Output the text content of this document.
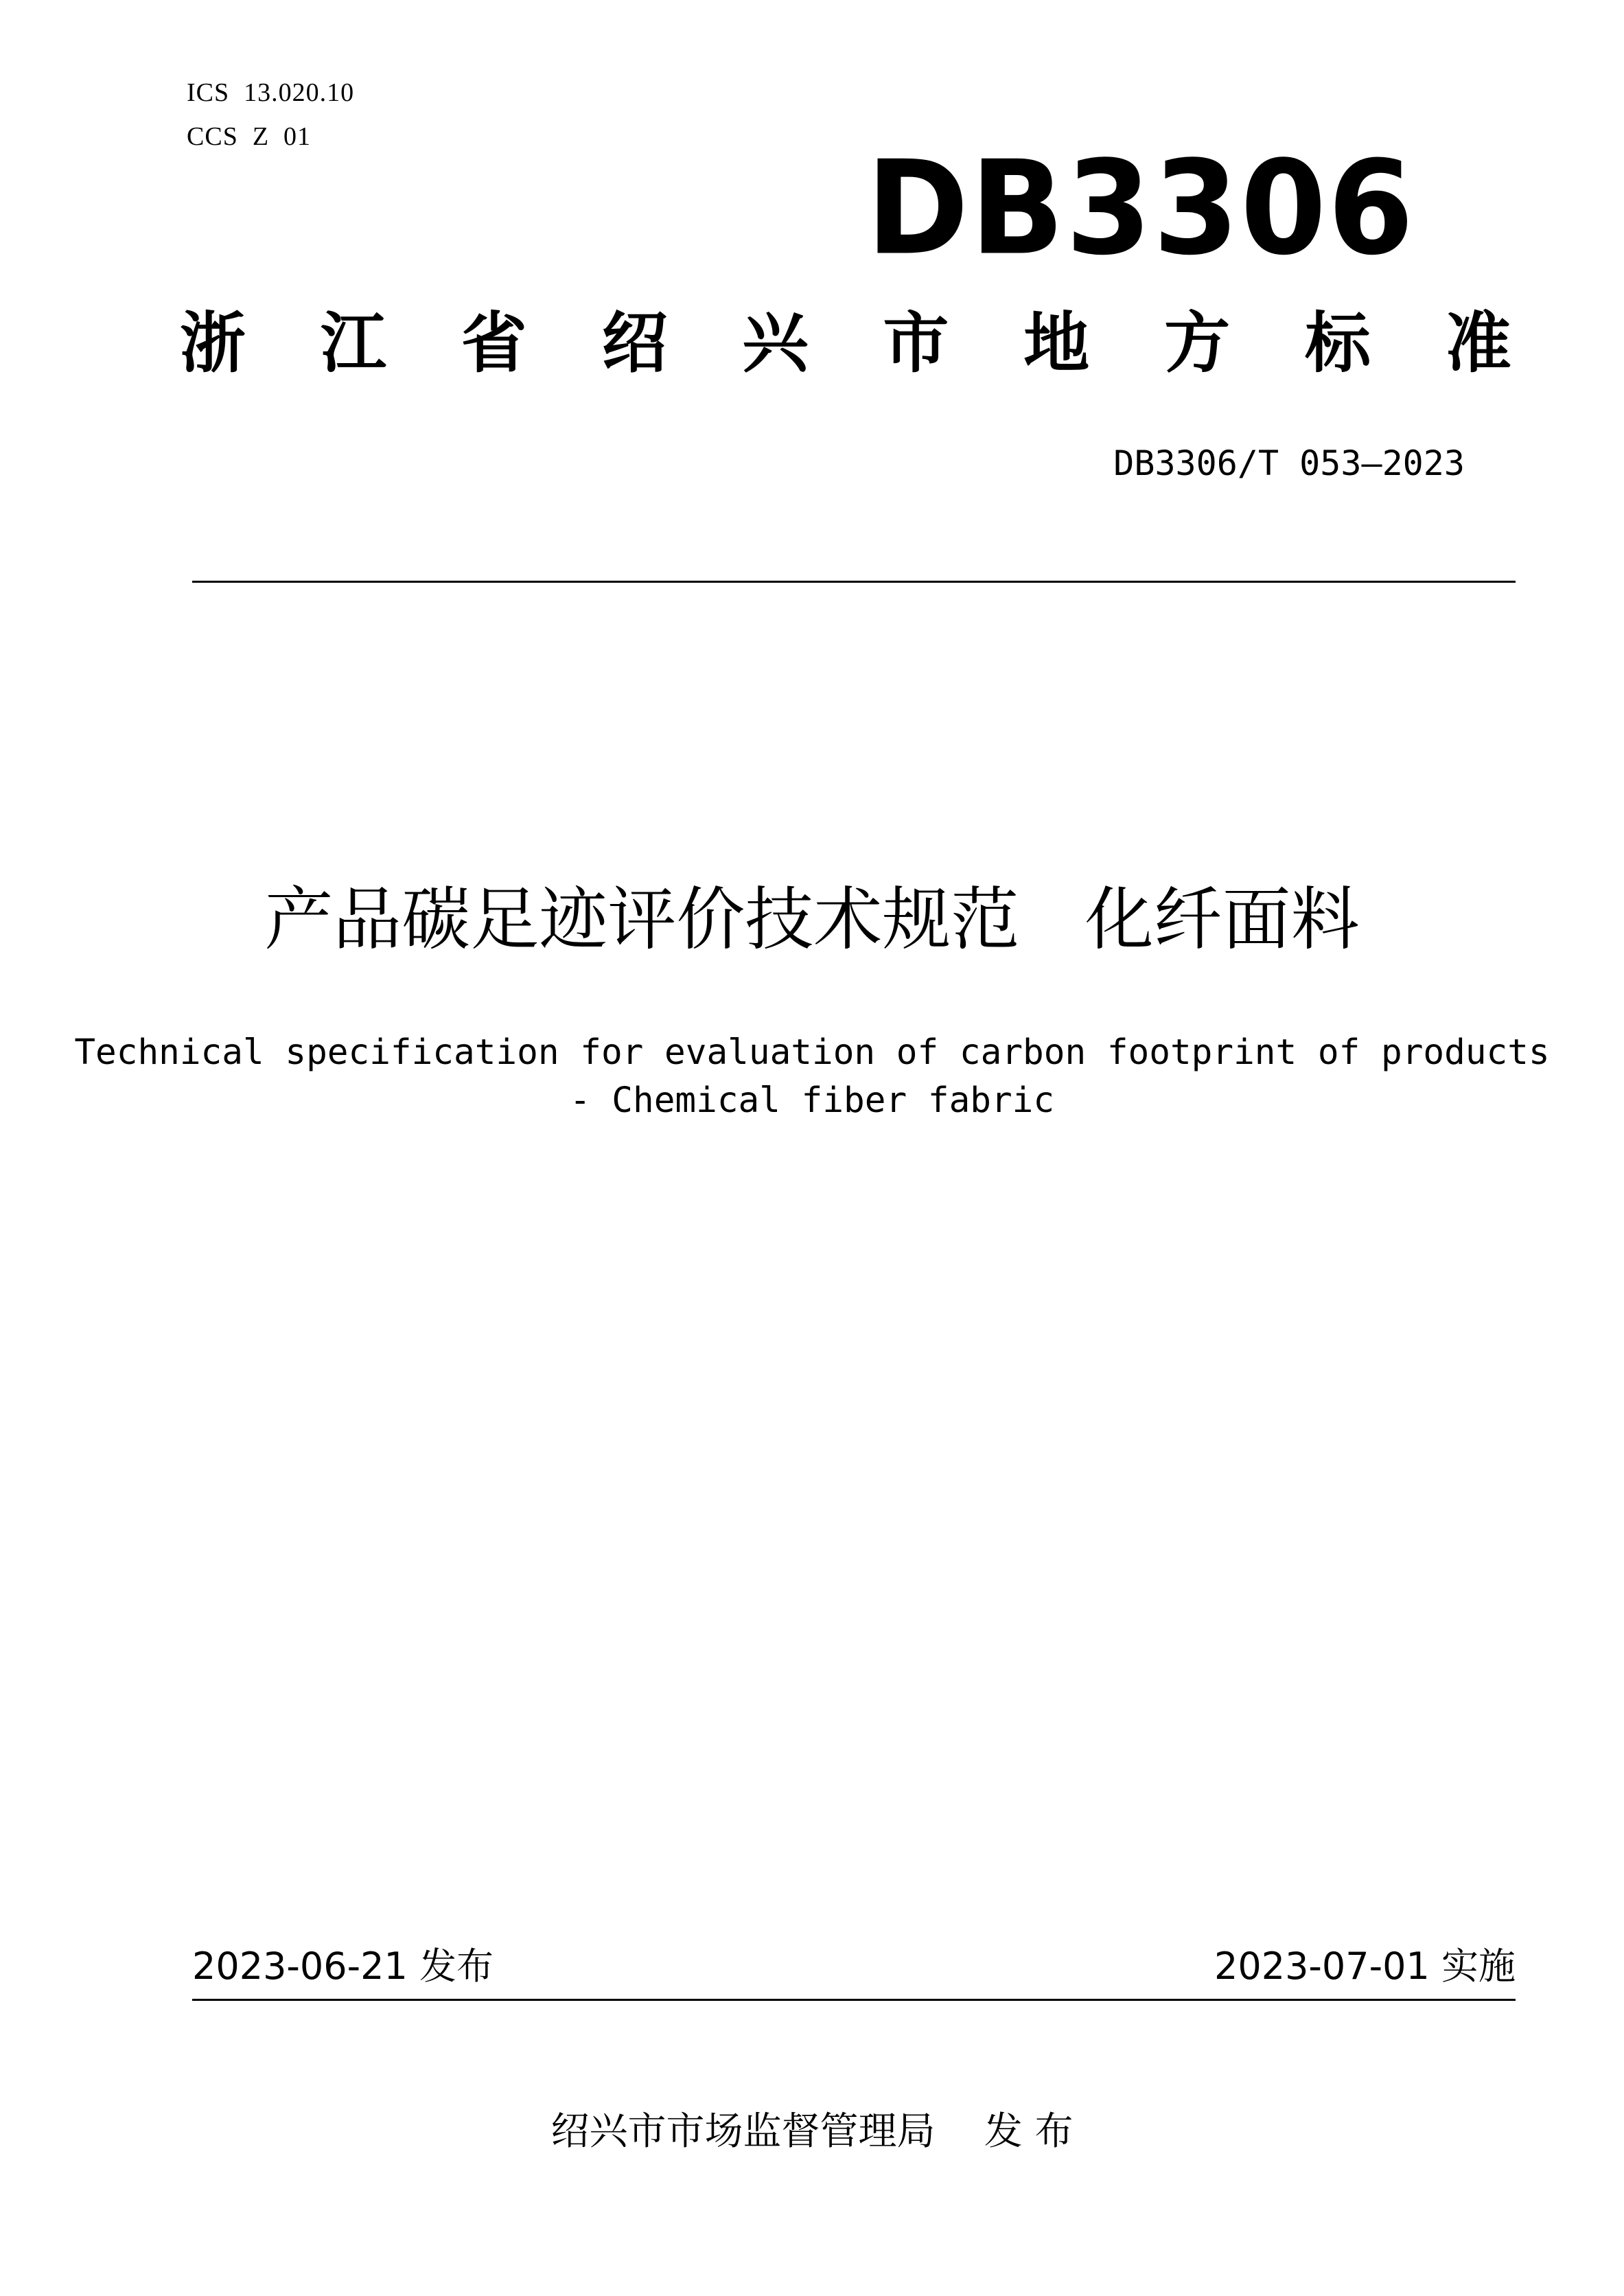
ICS  13.020.10
CCS  Z  01	DB3306
浙 江 省 绍 兴 市 地 方 标 准
DB3306/T 053—2023
产品碳足迹评价技术规范   化纤面料
Technical specification for evaluation of carbon footprint of products
- Chemical fiber fabric
2023-06-21 发布	2023-07-01 实施
绍兴市市场监督管理局    发 布
